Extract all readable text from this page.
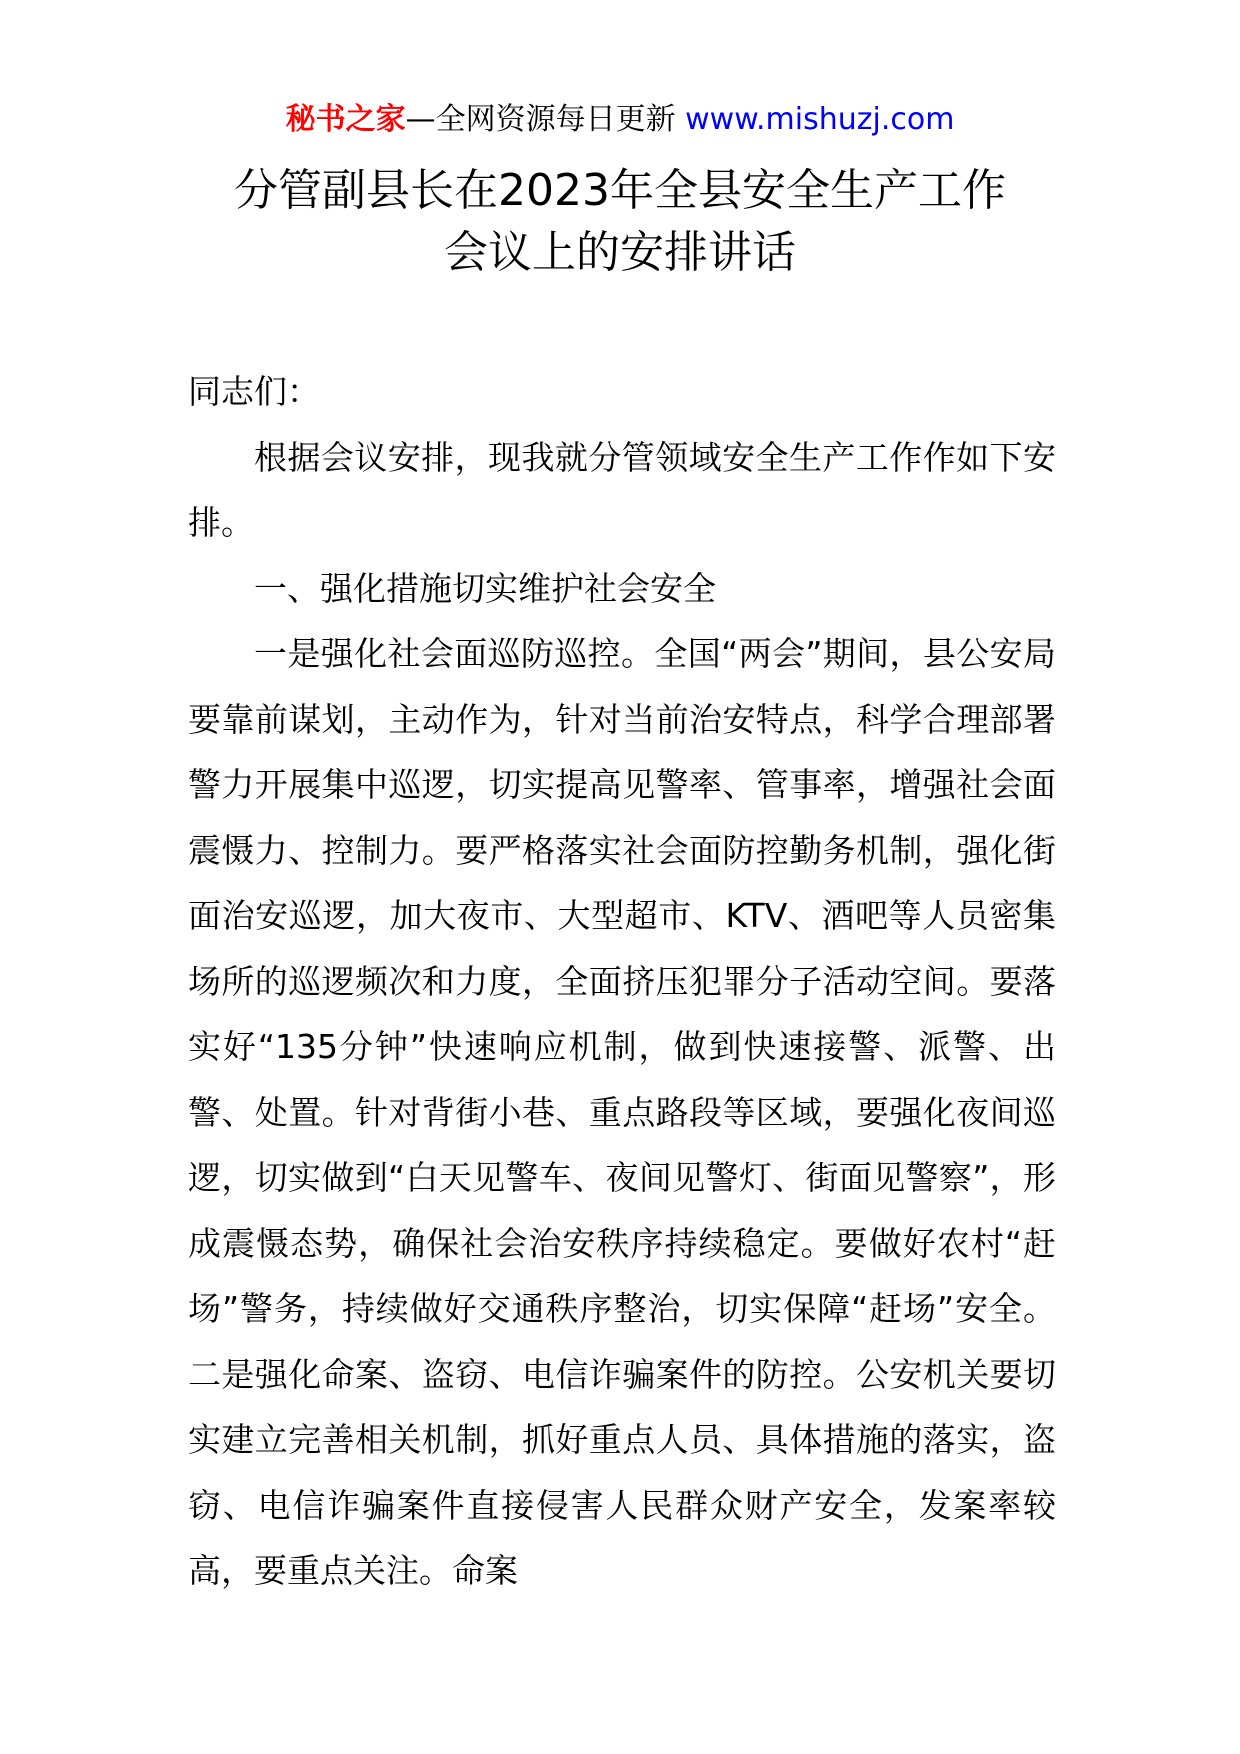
秘书之家—全网资源每日更新 www.mishuzj.com
分管副县长在2023年全县安全生产工作
会议上的安排讲话

同志们：

根据会议安排，现我就分管领域安全生产工作作如下安排。

一、强化措施切实维护社会安全

一是强化社会面巡防巡控。全国“两会”期间，县公安局要靠前谋划，主动作为，针对当前治安特点，科学合理部署警力开展集中巡逻，切实提高见警率、管事率，增强社会面震慑力、控制力。要严格落实社会面防控勤务机制，强化街面治安巡逻，加大夜市、大型超市、KTV、酒吧等人员密集场所的巡逻频次和力度，全面挤压犯罪分子活动空间。要落实好“135分钟”快速响应机制，做到快速接警、派警、出警、处置。针对背街小巷、重点路段等区域，要强化夜间巡逻，切实做到“白天见警车、夜间见警灯、街面见警察”，形成震慑态势，确保社会治安秩序持续稳定。要做好农村“赶场”警务，持续做好交通秩序整治，切实保障“赶场”安全。二是强化命案、盗窃、电信诈骗案件的防控。公安机关要切实建立完善相关机制，抓好重点人员、具体措施的落实，盗窃、电信诈骗案件直接侵害人民群众财产安全，发案率较高，要重点关注。命案
